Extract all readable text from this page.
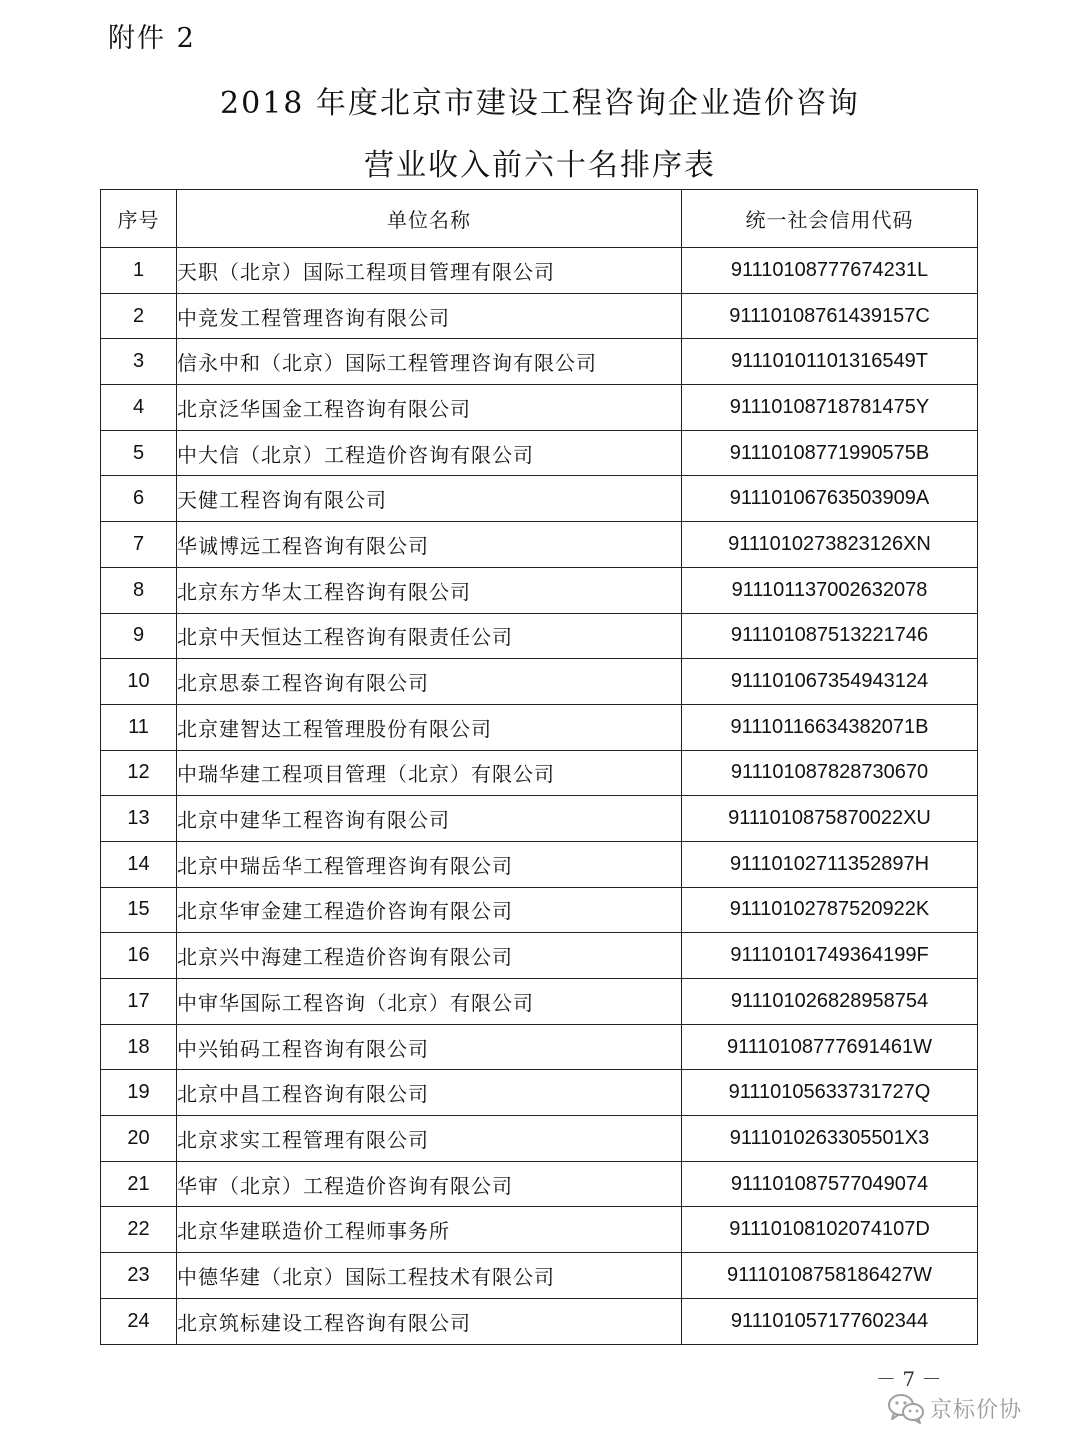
附件 2
2018 年度北京市建设工程咨询企业造价咨询
营业收入前六十名排序表
序号	单位名称	统一社会信用代码
1	天职（北京）国际工程项目管理有限公司	91110108777674231L
2	中竞发工程管理咨询有限公司	91110108761439157C
3	信永中和（北京）国际工程管理咨询有限公司	91110101101316549T
4	北京泛华国金工程咨询有限公司	91110108718781475Y
5	中大信（北京）工程造价咨询有限公司	91110108771990575B
6	天健工程咨询有限公司	91110106763503909A
7	华诚博远工程咨询有限公司	9111010273823126XN
8	北京东方华太工程咨询有限公司	911101137002632078
9	北京中天恒达工程咨询有限责任公司	911101087513221746
10	北京思泰工程咨询有限公司	911101067354943124
11	北京建智达工程管理股份有限公司	91110116634382071B
12	中瑞华建工程项目管理（北京）有限公司	911101087828730670
13	北京中建华工程咨询有限公司	9111010875870022XU
14	北京中瑞岳华工程管理咨询有限公司	91110102711352897H
15	北京华审金建工程造价咨询有限公司	91110102787520922K
16	北京兴中海建工程造价咨询有限公司	91110101749364199F
17	中审华国际工程咨询（北京）有限公司	911101026828958754
18	中兴铂码工程咨询有限公司	91110108777691461W
19	北京中昌工程咨询有限公司	91110105633731727Q
20	北京求实工程管理有限公司	9111010263305501X3
21	华审（北京）工程造价咨询有限公司	911101087577049074
22	北京华建联造价工程师事务所	91110108102074107D
23	中德华建（北京）国际工程技术有限公司	91110108758186427W
24	北京筑标建设工程咨询有限公司	911101057177602344
－ 7 －
京标价协
